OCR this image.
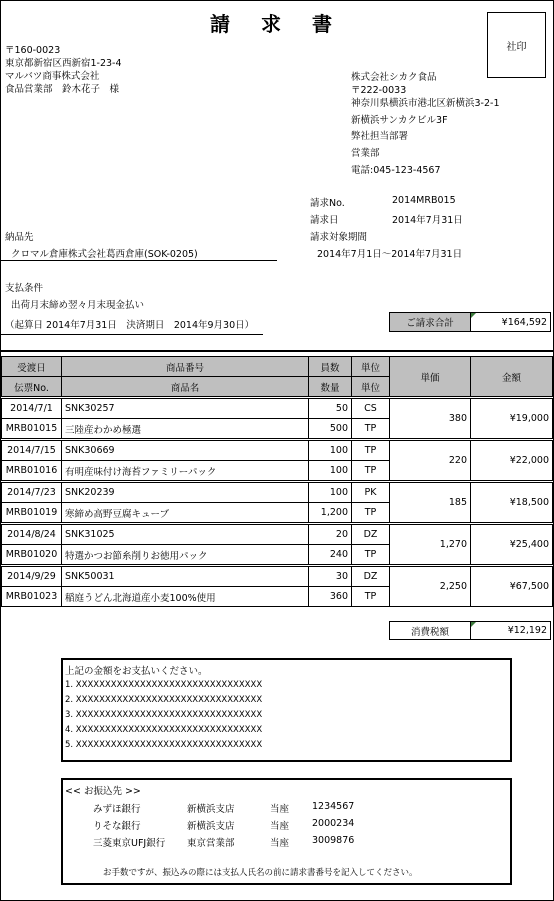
請 求 書
社印
〒160-0023
東京都新宿区西新宿1-23-4
マルバツ商事株式会社
食品営業部　鈴木花子　様
株式会社シカク食品
〒222-0033
神奈川県横浜市港北区新横浜3-2-1
新横浜サンカクビル3F
弊社担当部署
営業部
電話:045-123-4567
請求No.	2014MRB015
請求日	2014年7月31日
請求対象期間
2014年7月1日～2014年7月31日
納品先
クロマル倉庫株式会社葛西倉庫(SOK-0205)
支払条件
出荷月末締め翌々月末現金払い
（起算日 2014年7月31日　決済期日　2014年9月30日）	ご請求合計	¥164,592
受渡日	商品番号	員数	単位	単価	金額
伝票No.	商品名	数量	単位		

2014/7/1	SNK30257	50	CS	380	¥19,000
MRB01015	三陸産わかめ極選	500	TP		

2014/7/15	SNK30669	100	TP	220	¥22,000
MRB01016	有明産味付け海苔ファミリーパック	100	TP		

2014/7/23	SNK20239	100	PK	185	¥18,500
MRB01019	寒締め高野豆腐キューブ	1,200	TP		

2014/8/24	SNK31025	20	DZ	1,270	¥25,400
MRB01020	特選かつお節糸削りお徳用パック	240	TP		

2014/9/29	SNK50031	30	DZ	2,250	¥67,500
MRB01023	稲庭うどん北海道産小麦100%使用	360	TP		
消費税額	¥12,192
上記の金額をお支払いください。
1. XXXXXXXXXXXXXXXXXXXXXXXXXXXXXXXX
2. XXXXXXXXXXXXXXXXXXXXXXXXXXXXXXXX
3. XXXXXXXXXXXXXXXXXXXXXXXXXXXXXXXX
4. XXXXXXXXXXXXXXXXXXXXXXXXXXXXXXXX
5. XXXXXXXXXXXXXXXXXXXXXXXXXXXXXXXX
<< お振込先 >>
みずほ銀行	新横浜支店	当座 1234567
りそな銀行	新横浜支店	当座 2000234
三菱東京UFJ銀行 東京営業部	当座 3009876
お手数ですが、振込みの際には支払人氏名の前に請求書番号を記入してください。
